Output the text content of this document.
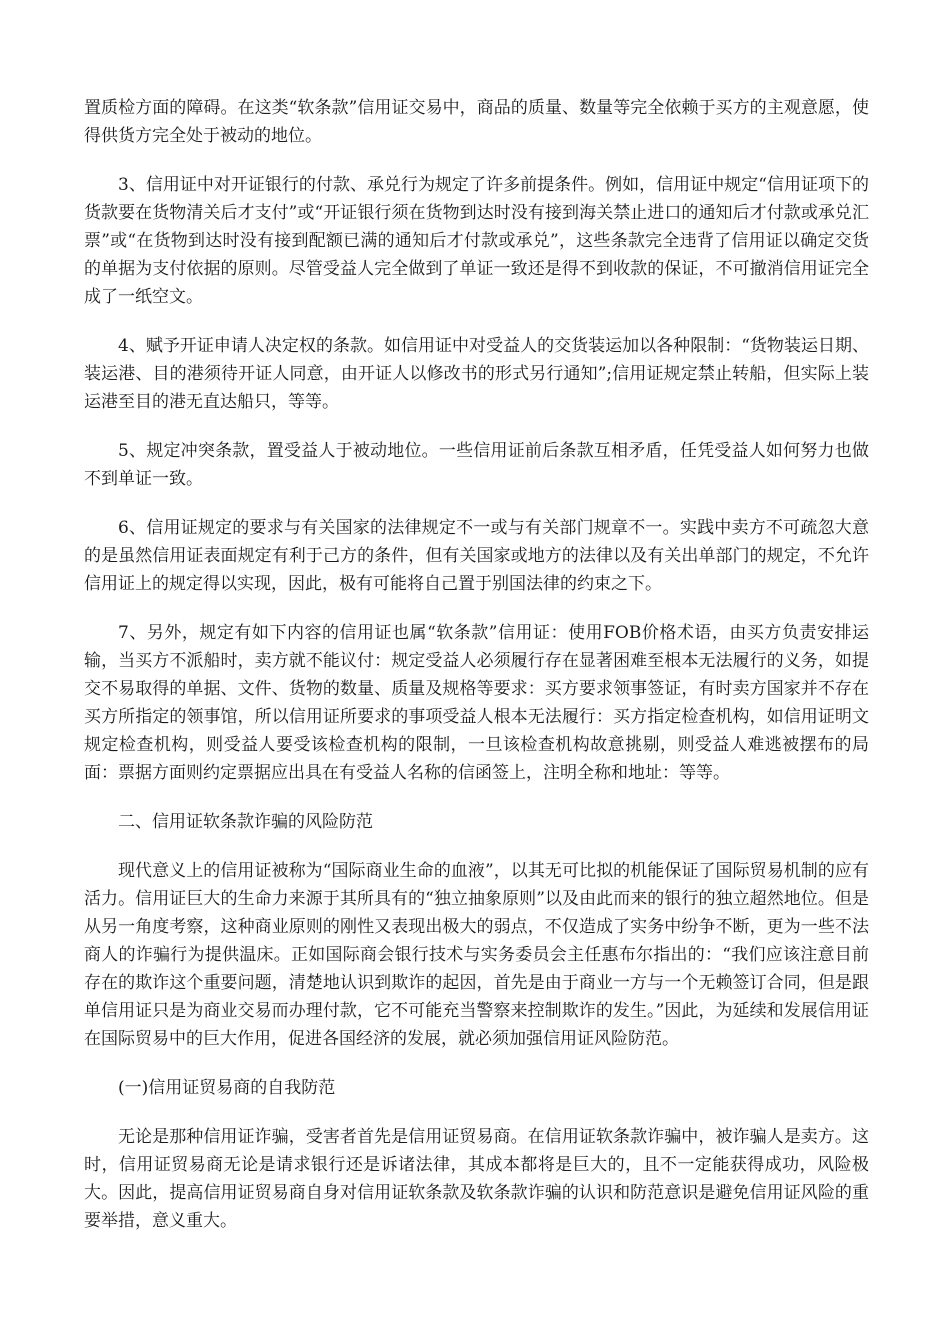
置质检方面的障碍。在这类“软条款”信用证交易中，商品的质量、数量等完全依赖于买方的主观意愿，使得供货方完全处于被动的地位。

3、信用证中对开证银行的付款、承兑行为规定了许多前提条件。例如，信用证中规定“信用证项下的货款要在货物清关后才支付”或“开证银行须在货物到达时没有接到海关禁止进口的通知后才付款或承兑汇票”或“在货物到达时没有接到配额已满的通知后才付款或承兑”，这些条款完全违背了信用证以确定交货的单据为支付依据的原则。尽管受益人完全做到了单证一致还是得不到收款的保证，不可撤消信用证完全成了一纸空文。

4、赋予开证申请人决定权的条款。如信用证中对受益人的交货装运加以各种限制：“货物装运日期、装运港、目的港须待开证人同意，由开证人以修改书的形式另行通知”;信用证规定禁止转船，但实际上装运港至目的港无直达船只，等等。

5、规定冲突条款，置受益人于被动地位。一些信用证前后条款互相矛盾，任凭受益人如何努力也做不到单证一致。

6、信用证规定的要求与有关国家的法律规定不一或与有关部门规章不一。实践中卖方不可疏忽大意的是虽然信用证表面规定有利于己方的条件，但有关国家或地方的法律以及有关出单部门的规定，不允许信用证上的规定得以实现，因此，极有可能将自己置于别国法律的约束之下。

7、另外，规定有如下内容的信用证也属“软条款”信用证：使用FOB价格术语，由买方负责安排运输，当买方不派船时，卖方就不能议付：规定受益人必须履行存在显著困难至根本无法履行的义务，如提交不易取得的单据、文件、货物的数量、质量及规格等要求：买方要求领事签证，有时卖方国家并不存在买方所指定的领事馆，所以信用证所要求的事项受益人根本无法履行：买方指定检查机构，如信用证明文规定检查机构，则受益人要受该检查机构的限制，一旦该检查机构故意挑剔，则受益人难逃被摆布的局面：票据方面则约定票据应出具在有受益人名称的信函签上，注明全称和地址：等等。

二、信用证软条款诈骗的风险防范

现代意义上的信用证被称为“国际商业生命的血液”，以其无可比拟的机能保证了国际贸易机制的应有活力。信用证巨大的生命力来源于其所具有的“独立抽象原则”以及由此而来的银行的独立超然地位。但是从另一角度考察，这种商业原则的刚性又表现出极大的弱点，不仅造成了实务中纷争不断，更为一些不法商人的诈骗行为提供温床。正如国际商会银行技术与实务委员会主任惠布尔指出的：“我们应该注意目前存在的欺诈这个重要问题，清楚地认识到欺诈的起因，首先是由于商业一方与一个无赖签订合同，但是跟单信用证只是为商业交易而办理付款，它不可能充当警察来控制欺诈的发生。”因此，为延续和发展信用证在国际贸易中的巨大作用，促进各国经济的发展，就必须加强信用证风险防范。

(一)信用证贸易商的自我防范

无论是那种信用证诈骗，受害者首先是信用证贸易商。在信用证软条款诈骗中，被诈骗人是卖方。这时，信用证贸易商无论是请求银行还是诉诸法律，其成本都将是巨大的，且不一定能获得成功，风险极大。因此，提高信用证贸易商自身对信用证软条款及软条款诈骗的认识和防范意识是避免信用证风险的重要举措，意义重大。
